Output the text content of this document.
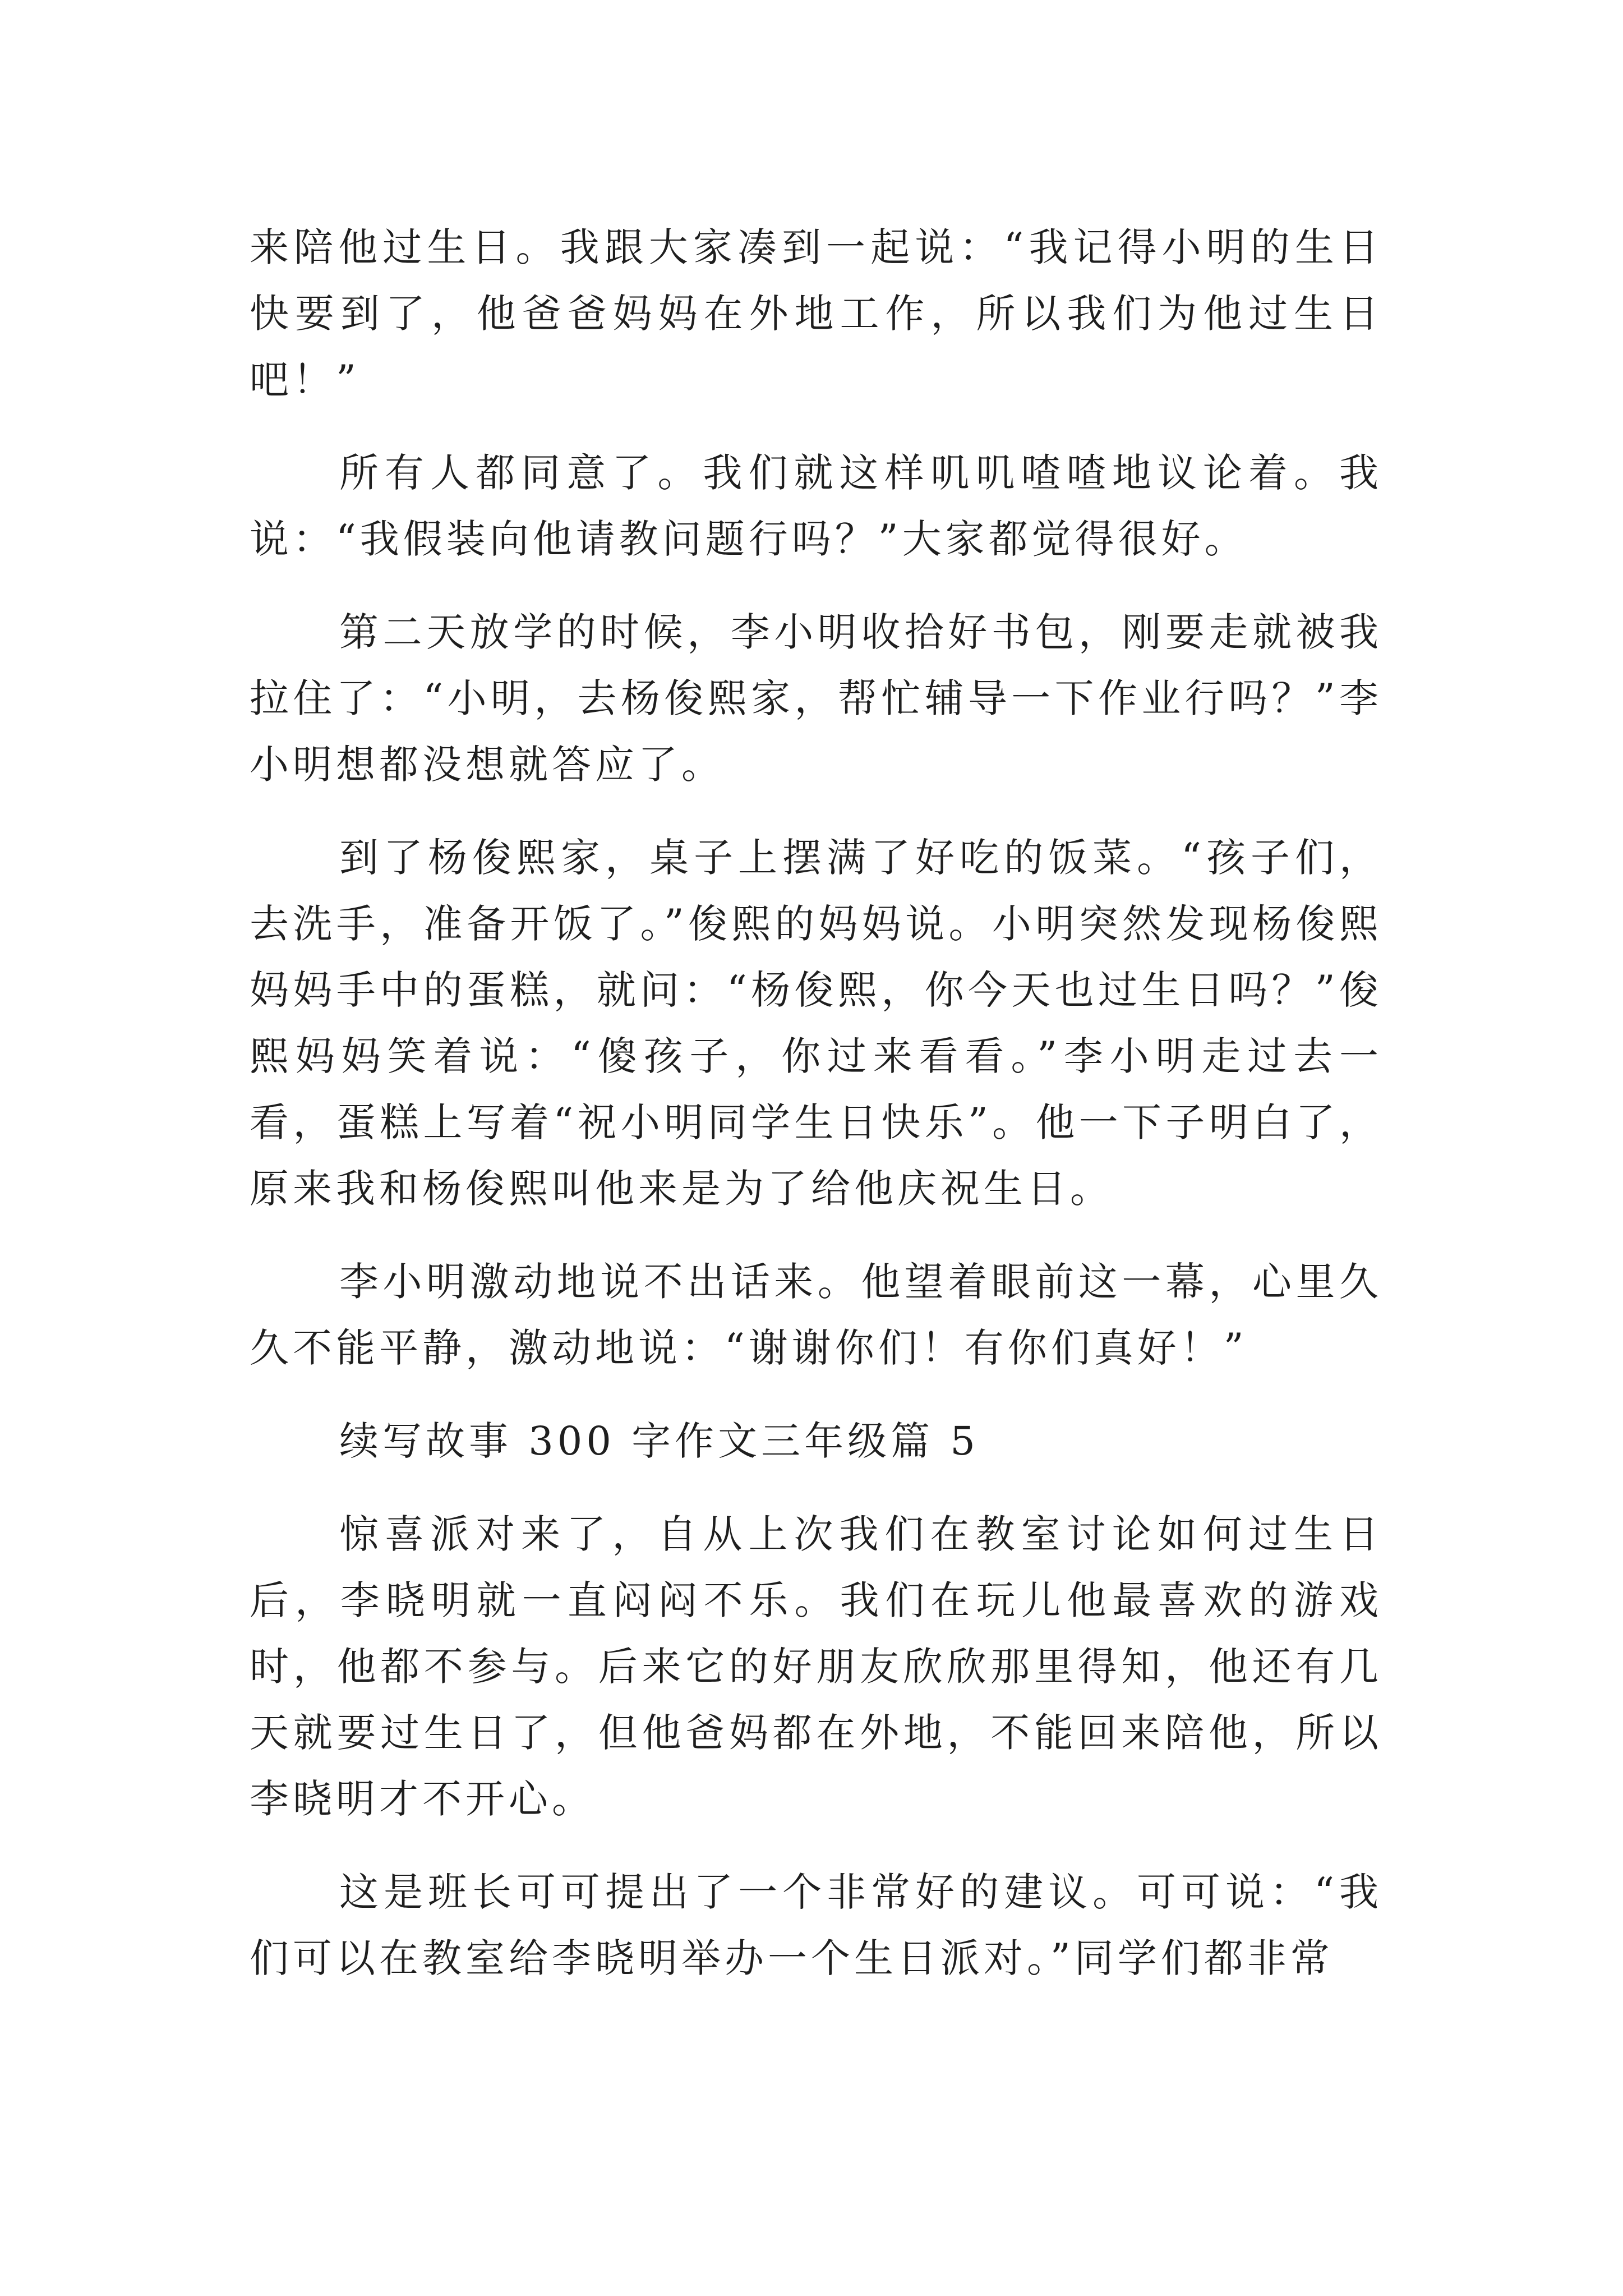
来陪他过生日。我跟大家凑到一起说：“我记得小明的生日快要到了，他爸爸妈妈在外地工作，所以我们为他过生日吧！”

所有人都同意了。我们就这样叽叽喳喳地议论着。我说：“我假装向他请教问题行吗？”大家都觉得很好。

第二天放学的时候，李小明收拾好书包，刚要走就被我拉住了：“小明，去杨俊熙家，帮忙辅导一下作业行吗？”李小明想都没想就答应了。

到了杨俊熙家，桌子上摆满了好吃的饭菜。“孩子们，去洗手，准备开饭了。”俊熙的妈妈说。小明突然发现杨俊熙妈妈手中的蛋糕，就问：“杨俊熙，你今天也过生日吗？”俊熙妈妈笑着说：“傻孩子，你过来看看。”李小明走过去一看，蛋糕上写着“祝小明同学生日快乐”。他一下子明白了，原来我和杨俊熙叫他来是为了给他庆祝生日。

李小明激动地说不出话来。他望着眼前这一幕，心里久久不能平静，激动地说：“谢谢你们！有你们真好！”

续写故事 300 字作文三年级篇 5

惊喜派对来了，自从上次我们在教室讨论如何过生日后，李晓明就一直闷闷不乐。我们在玩儿他最喜欢的游戏时，他都不参与。后来它的好朋友欣欣那里得知，他还有几天就要过生日了，但他爸妈都在外地，不能回来陪他，所以李晓明才不开心。

这是班长可可提出了一个非常好的建议。可可说：“我们可以在教室给李晓明举办一个生日派对。”同学们都非常
